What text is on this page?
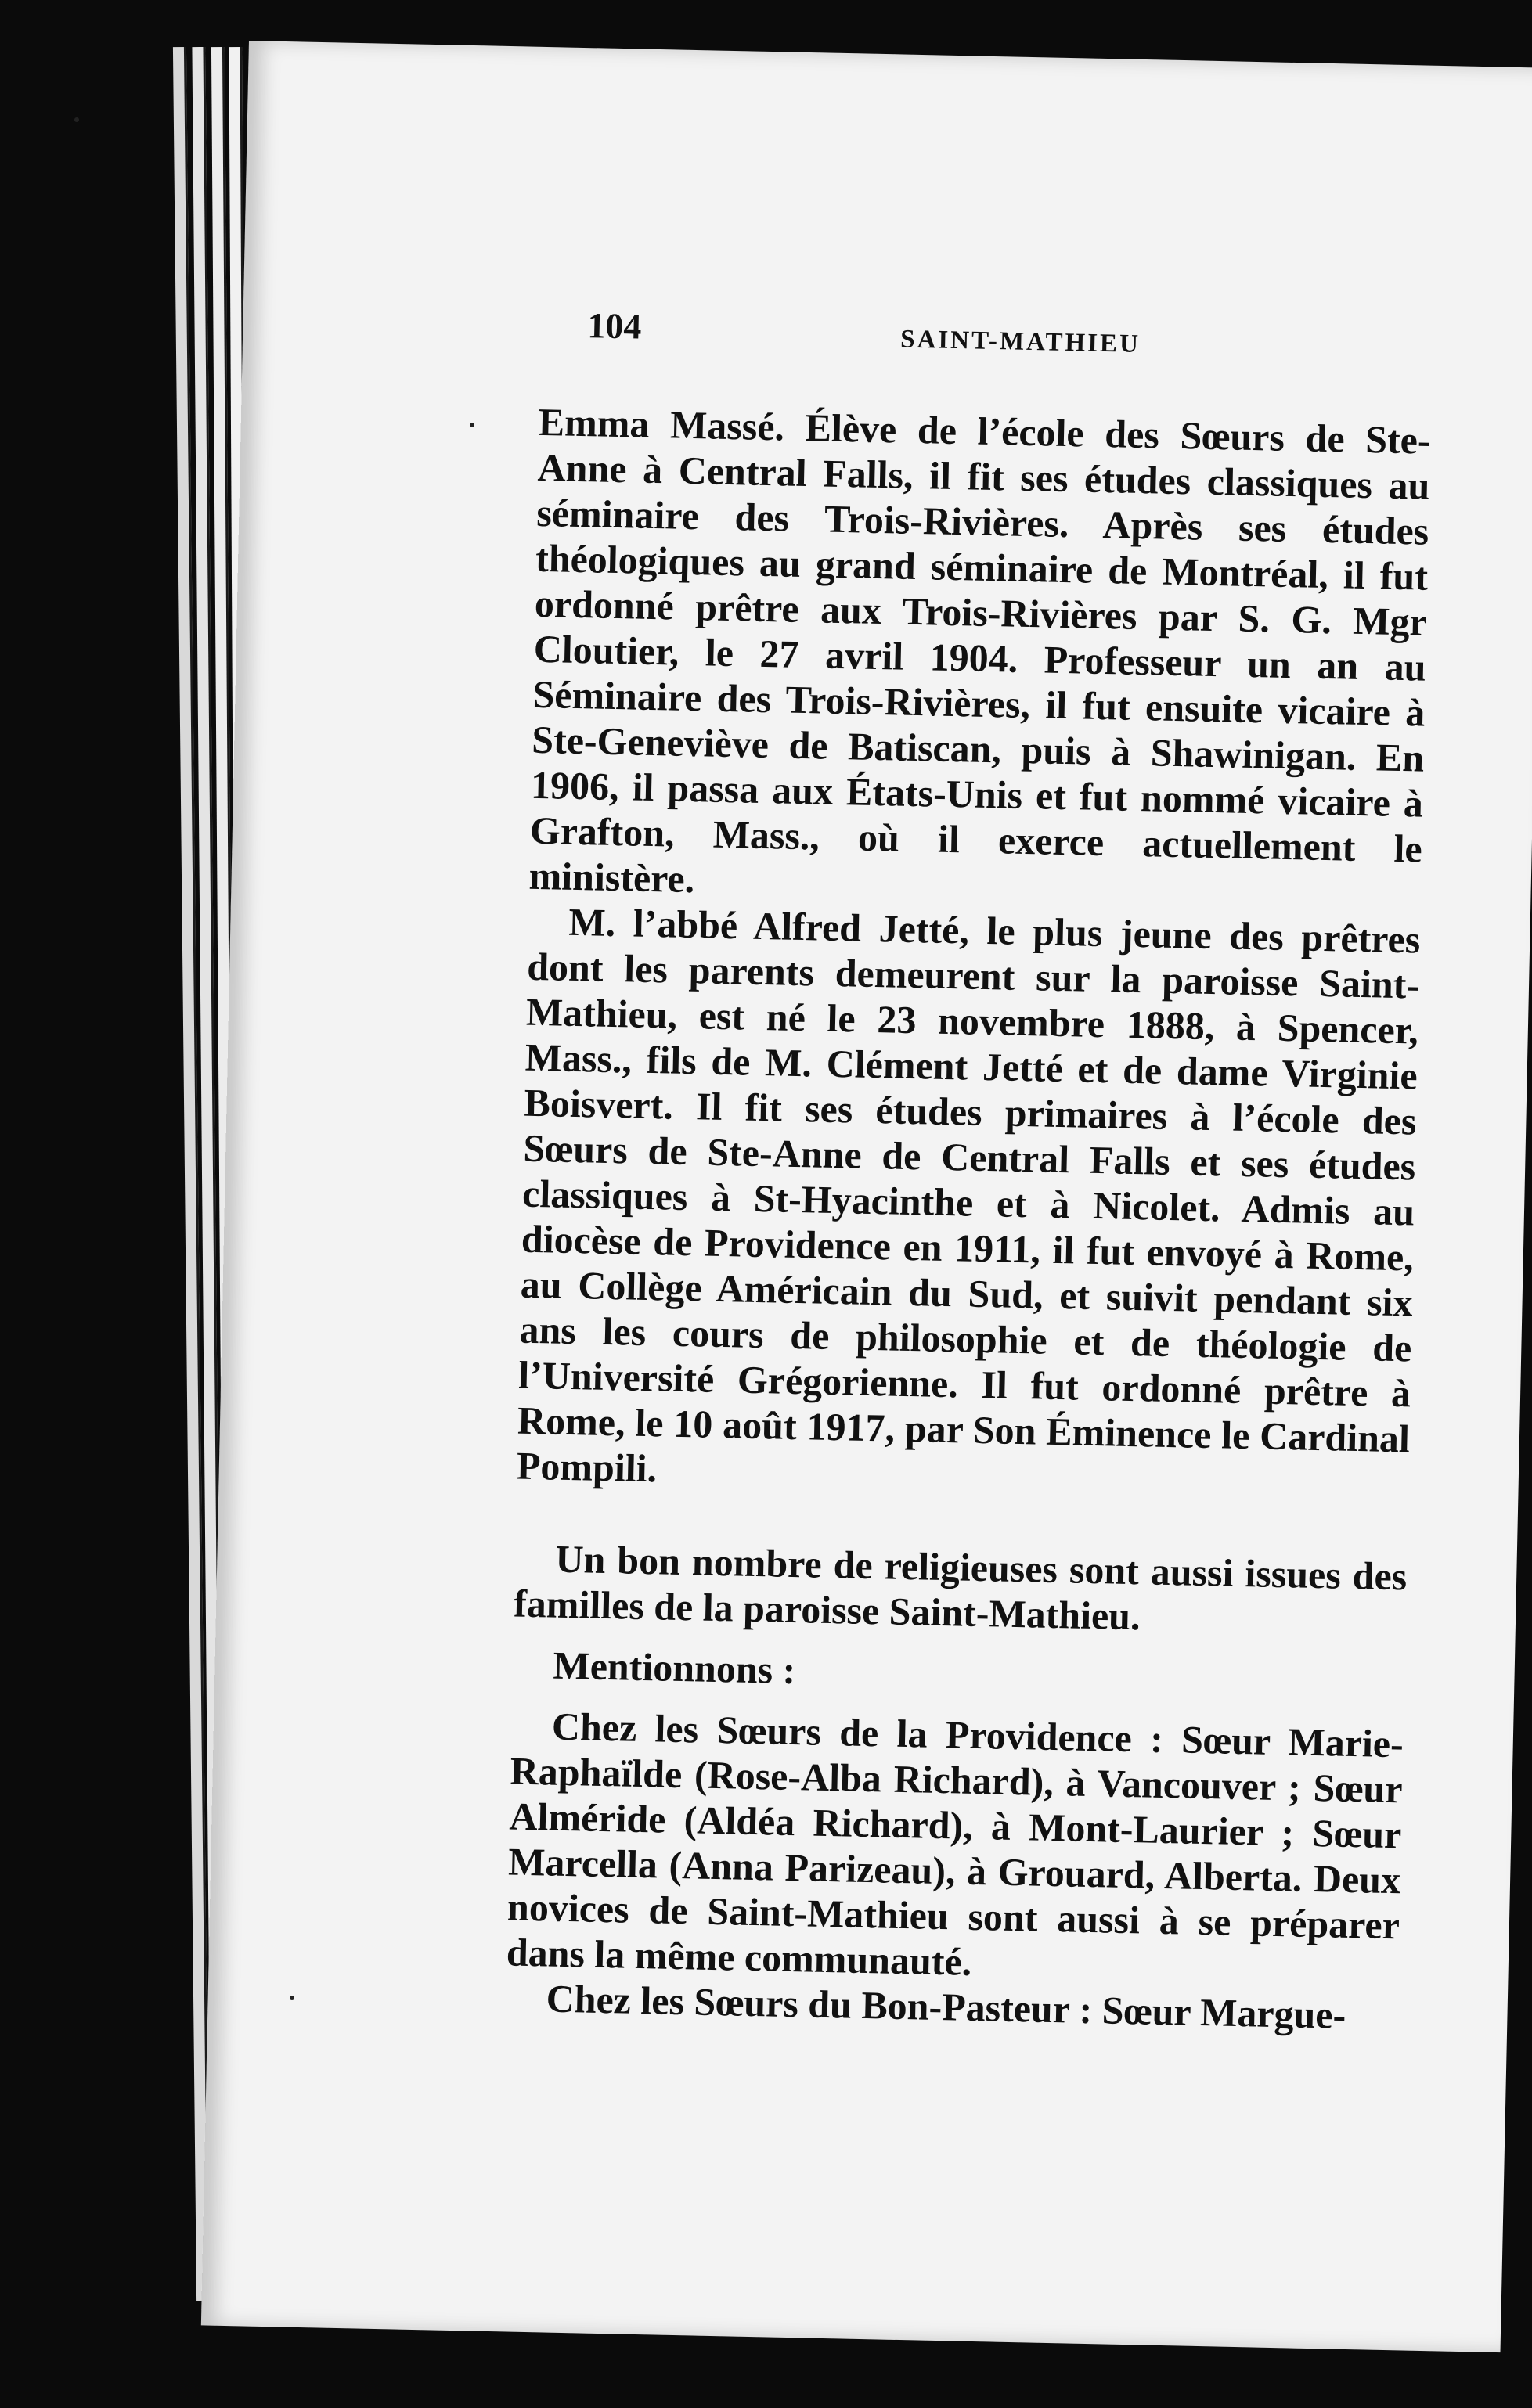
104	SAINT-MATHIEU

Emma Massé. Élève de l’école des Sœurs de Ste-Anne à Central Falls, il fit ses études classiques au séminaire des Trois-Rivières. Après ses études théologiques au grand séminaire de Montréal, il fut ordonné prêtre aux Trois-Rivières par S. G. Mgr Cloutier, le 27 avril 1904. Professeur un an au Séminaire des Trois-Rivières, il fut ensuite vicaire à Ste-Geneviève de Batiscan, puis à Shawinigan. En 1906, il passa aux États-Unis et fut nommé vicaire à Grafton, Mass., où il exerce actuellement le ministère.

M. l’abbé Alfred Jetté, le plus jeune des prêtres dont les parents demeurent sur la paroisse Saint-Mathieu, est né le 23 novembre 1888, à Spencer, Mass., fils de M. Clément Jetté et de dame Virginie Boisvert. Il fit ses études primaires à l’école des Sœurs de Ste-Anne de Central Falls et ses études classiques à St-Hyacinthe et à Nicolet. Admis au diocèse de Providence en 1911, il fut envoyé à Rome, au Collège Américain du Sud, et suivit pendant six ans les cours de philosophie et de théologie de l’Université Grégorienne. Il fut ordonné prêtre à Rome, le 10 août 1917, par Son Éminence le Cardinal Pompili.

Un bon nombre de religieuses sont aussi issues des familles de la paroisse Saint-Mathieu.

Mentionnons :

Chez les Sœurs de la Providence : Sœur Marie-Raphaïlde (Rose-Alba Richard), à Vancouver ; Sœur Alméride (Aldéa Richard), à Mont-Laurier ; Sœur Marcella (Anna Parizeau), à Grouard, Alberta. Deux novices de Saint-Mathieu sont aussi à se préparer dans la même communauté.

Chez les Sœurs du Bon-Pasteur : Sœur Margue-
